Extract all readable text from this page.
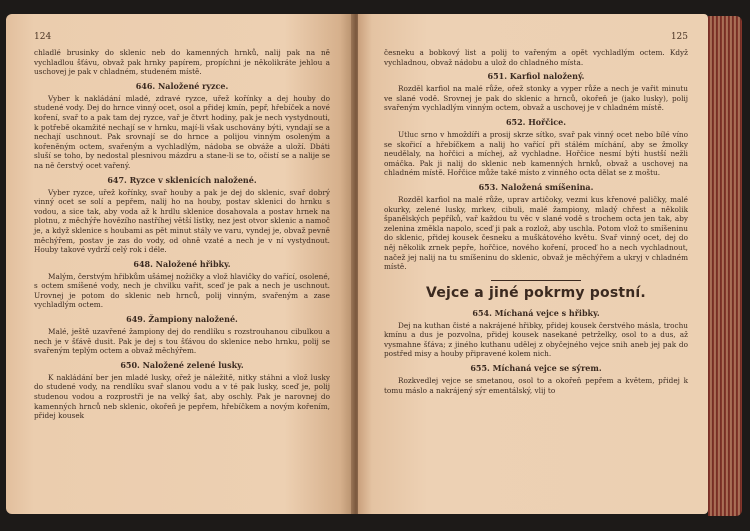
124

chladlé brusinky do sklenic neb do kamenných hrnků, nalij pak na ně vychladlou šťávu, obvaž pak hrnky papírem, propíchni je několikráte jehlou a uschovej je pak v chladném, studeném místě.

646. Naložené ryzce.

Vyber k nakládání mladé, zdravé ryzce, uřež kořínky a dej houby do studené vody. Dej do hrnce vinný ocet, osol a přidej kmín, pepř, hřebíček a nové koření, svař to a pak tam dej ryzce, vař je čtvrt hodiny, pak je nech vystydnouti, k potřebě okamžité nechají se v hrnku, mají-li však uschovány býti, vyndají se a nechají uschnout. Pak srovnají se do hrnce a polijou vinným osoleným a kořeněným octem, svařeným a vychladlým, nádoba se obváže a uloží. Dbáti sluší se toho, by nedostal plesnivou mázdru a stane-li se to, očistí se a nalije se na ně čerstvý ocet vařený.

647. Ryzce v sklenicích naložené.

Vyber ryzce, uřež kořínky, svař houby a pak je dej do sklenic, svař dobrý vinný ocet se solí a pepřem, nalij ho na houby, postav sklenici do hrnku s vodou, a sice tak, aby voda až k hrdlu sklenice dosahovala a postav hrnek na plotnu, z měchýře hovězího nastříhej větší lístky, nez jest otvor sklenic a namoč je, a když sklenice s houbami as pět minut stály ve varu, vyndej je, obvaž pevně měchýřem, postav je zas do vody, od ohně vzaté a nech je v ní vystydnout. Houby takové vydrží celý rok i déle.

648. Naložené hřibky.

Malým, čerstvým hřibkům ušámej nožičky a vlož hlavičky do vařící, osolené, s octem smíšené vody, nech je chvilku vařit, sceď je pak a nech je uschnout. Urovnej je potom do sklenic neb hrnců, polij vinným, svařeným a zase vychladlým octem.

649. Žampiony naložené.

Malé, ještě uzavřené žampiony dej do rendlíku s rozstrouhanou cibulkou a nech je v šťávě dusit. Pak je dej s tou šťávou do sklenice nebo hrnku, polij se svařeným teplým octem a obvaž měchýřem.

650. Naložené zelené lusky.

K nakládání ber jen mladé lusky, ořež je náležitě, nitky stáhni a vlož lusky do studené vody, na rendlíku svař slanou vodu a v té pak lusky, sceď je, polij studenou vodou a rozprostři je na velký šat, aby oschly. Pak je narovnej do kamenných hrnců neb sklenic, okořeň je pepřem, hřebíčkem a novým kořením, přidej kousek

125

česneku a bobkový list a polij to vařeným a opět vychladlým octem. Když vychladnou, obvaž nádobu a ulož do chladného místa.

651. Karfiol naložený.

Rozděl karfiol na malé růže, ořež stonky a vyper růže a nech je vařit minutu ve slané vodě. Srovnej je pak do sklenic a hrnců, okořeň je (jako lusky), polij svařeným vychladlým vinným octem, obvaž a uschovej je v chladném místě.

652. Hořčice.

Utluc srno v hmoždíři a prosij skrze sítko, svař pak vinný ocet nebo bílé víno se skořicí a hřebíčkem a nalij ho vařící při stálém míchání, aby se žmolky neudělaly, na hořčici a míchej, až vychladne. Hořčice nesmí býti hustší nežli omáčka. Pak ji nalij do sklenic neb kamenných hrnků, obvaž a uschovej na chladném místě. Hořčice může také místo z vinného octa dělat se z moštu.

653. Naložená smíšenina.

Rozděl karfiol na malé růže, uprav artičoky, vezmi kus křenové paličky, malé okurky, zelené lusky, mrkev, cibuli, malé žampiony, mladý chřest a několik španělských pepříků, vař každou tu věc v slané vodě s trochem octa jen tak, aby zelenina změkla napolo, sceď ji pak a rozlož, aby uschla. Potom vlož to smíšeninu do sklenic, přidej kousek česneku a muškátového květu. Svař vinný ocet, dej do něj několik zrnek pepře, hořčice, nového koření, proceď ho a nech vychladnout, načež jej nalij na tu smíšeninu do sklenic, obvaž je měchýřem a ukryj v chladném místě.

Vejce a jiné pokrmy postní.
654. Míchaná vejce s hřibky.

Dej na kuthan čisté a nakrájené hřibky, přidej kousek čerstvého másla, trochu kmínu a dus je pozvolna, přidej kousek nasekané petrželky, osol to a dus, až vysmahne šťáva; z jiného kuthanu udělej z obyčejného vejce snih aneb jej pak do postřed misy a houby připravené kolem nich.

655. Míchaná vejce se sýrem.

Rozkvedlej vejce se smetanou, osol to a okořeň pepřem a květem, přidej k tomu máslo a nakrájený sýr ementálský, vlij to
